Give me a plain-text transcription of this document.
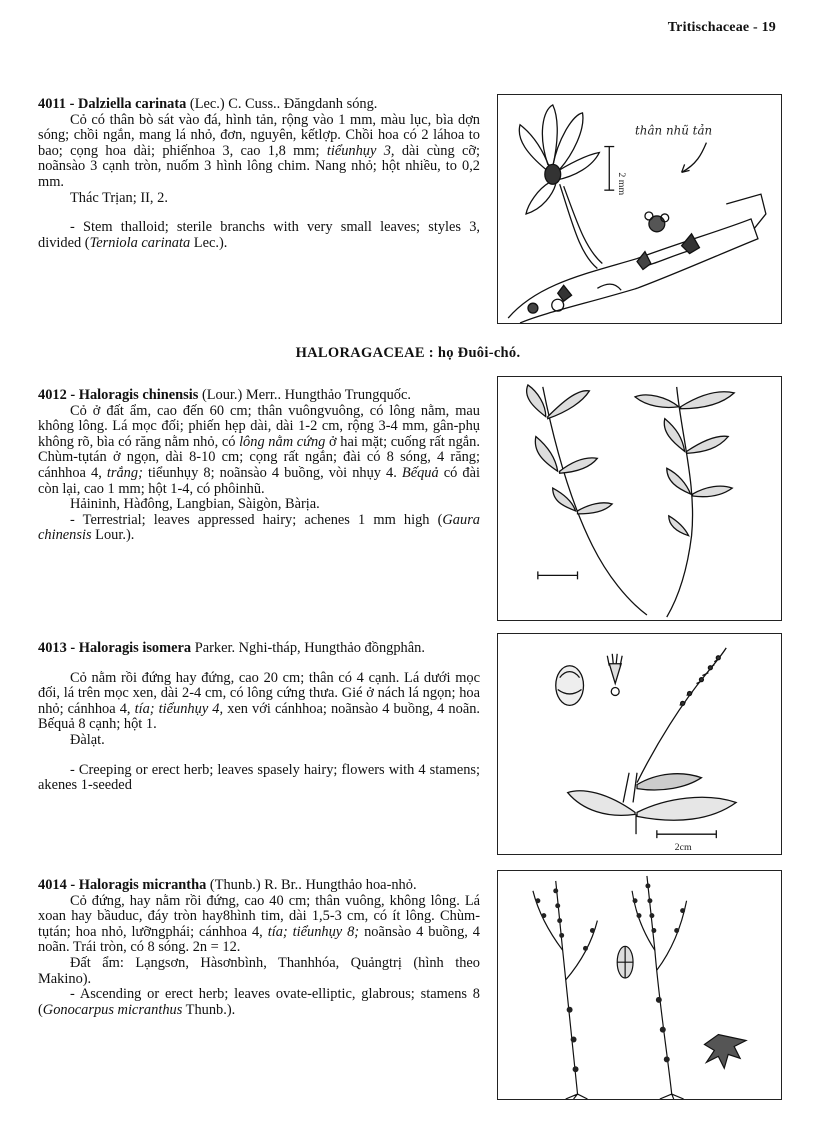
Tritischaceae - 19

4011 - Dalziella carinata (Lec.) C. Cuss.. Đăngdanh sóng.

Cỏ có thân bò sát vào đá, hình tản, rộng vào 1 mm, màu lục, bìa dợn sóng; chồi ngắn, mang lá nhỏ, đơn, nguyên, kếtlợp. Chồi hoa có 2 láhoa to bao; cọng hoa dài; phiếnhoa 3, cao 1,8 mm; tiểunhụy 3, dài cùng cỡ; noãnsào 3 cạnh tròn, nuốm 3 hình lông chim. Nang nhỏ; hột nhiều, to 0,2 mm.

Thác Trịan; II, 2.

- Stem thalloid; sterile branchs with very small leaves; styles 3, divided (Terniola carinata Lec.).

thân nhũ tản
2 mm
HALORAGACEAE : họ Đuôi-chó.

4012 - Haloragis chinensis (Lour.) Merr.. Hungthảo Trungquốc.

Cỏ ở đất ẩm, cao đến 60 cm; thân vuôngvuông, có lông nằm, mau không lông. Lá mọc đối; phiến hẹp dài, dài 1-2 cm, rộng 3-4 mm, gân-phụ không rõ, bìa có răng nằm nhỏ, có lông nằm cứng ở hai mặt; cuống rất ngắn. Chùm-tụtán ở ngọn, dài 8-10 cm; cọng rất ngắn; đài có 8 sóng, 4 răng; cánhhoa 4, trắng; tiểunhụy 8; noãnsào 4 buồng, vòi nhụy 4. Bếquả có đài còn lại, cao 1 mm; hột 1-4, có phôinhũ.

Hảininh, Hàđông, Langbian, Sàigòn, Bàrịa.

- Terrestrial; leaves appressed hairy; achenes 1 mm high (Gaura chinensis Lour.).

4013 - Haloragis isomera Parker. Nghi-tháp, Hungthảo đồngphân.

Cỏ nằm rồi đứng hay đứng, cao 20 cm; thân có 4 cạnh. Lá dưới mọc đối, lá trên mọc xen, dài 2-4 cm, có lông cứng thưa. Gié ở nách lá ngọn; hoa nhỏ; cánhhoa 4, tía; tiểunhụy 4, xen với cánhhoa; noãnsào 4 buồng, 4 noãn. Bếquả 8 cạnh; hột 1.

Đàlạt.

- Creeping or erect herb; leaves spasely hairy; flowers with 4 stamens; akenes 1-seeded

2cm

4014 - Haloragis micrantha (Thunb.) R. Br.. Hungthảo hoa-nhỏ.

Cỏ đứng, hay nằm rồi đứng, cao 40 cm; thân vuông, không lông. Lá xoan hay bầuduc, đáy tròn hay8hình tim, dài 1,5-3 cm, có ít lông. Chùm-tụtán; hoa nhỏ, lưỡngphái; cánhhoa 4, tía; tiểunhụy 8; noãnsào 4 buồng, 4 noãn. Trái tròn, có 8 sóng. 2n = 12.

Đất ẩm: Lạngsơn, Hàsơnbình, Thanhhóa, Quảngtrị (hình theo Makino).

- Ascending or erect herb; leaves ovate-elliptic, glabrous; stamens 8 (Gonocarpus micranthus Thunb.).
